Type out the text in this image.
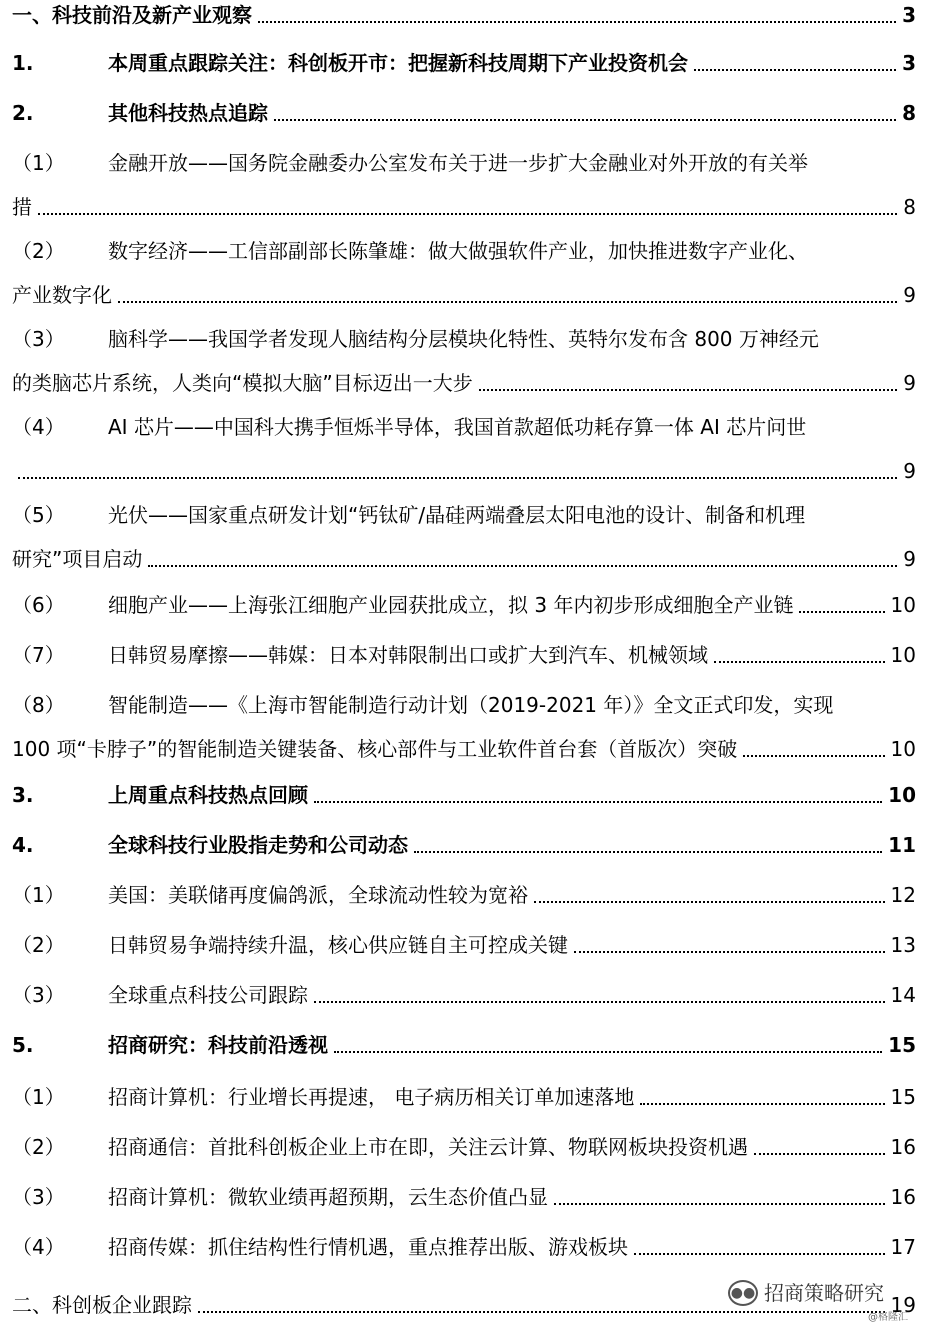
一、科技前沿及新产业观察	3
1.	本周重点跟踪关注：科创板开市：把握新科技周期下产业投资机会	3
2.	其他科技热点追踪	8
（1） 金融开放——国务院金融委办公室发布关于进一步扩大金融业对外开放的有关举
措	8
（2） 数字经济——工信部副部长陈肇雄：做大做强软件产业，加快推进数字产业化、
产业数字化	9
（3） 脑科学——我国学者发现人脑结构分层模块化特性、英特尔发布含 800 万神经元
的类脑芯片系统，人类向“模拟大脑”目标迈出一大步	9
（4） AI 芯片——中国科大携手恒烁半导体，我国首款超低功耗存算一体 AI 芯片问世
9
（5） 光伏——国家重点研发计划“钙钛矿/晶硅两端叠层太阳电池的设计、制备和机理
研究”项目启动	9
（6） 细胞产业——上海张江细胞产业园获批成立，拟 3 年内初步形成细胞全产业链	10
（7） 日韩贸易摩擦——韩媒：日本对韩限制出口或扩大到汽车、机械领域	10
（8） 智能制造——《上海市智能制造行动计划（2019-2021 年）》全文正式印发，实现
100 项“卡脖子”的智能制造关键装备、核心部件与工业软件首台套（首版次）突破	10
3.	上周重点科技热点回顾	10
4.	全球科技行业股指走势和公司动态	11
（1） 美国：美联储再度偏鸽派，全球流动性较为宽裕	12
（2） 日韩贸易争端持续升温，核心供应链自主可控成关键	13
（3） 全球重点科技公司跟踪	14
5.	招商研究：科技前沿透视	15
（1） 招商计算机：行业增长再提速， 电子病历相关订单加速落地	15
（2） 招商通信：首批科创板企业上市在即，关注云计算、物联网板块投资机遇	16
（3） 招商计算机：微软业绩再超预期，云生态价值凸显	16
（4） 招商传媒：抓住结构性行情机遇，重点推荐出版、游戏板块	17
二、科创板企业跟踪	19
●● 招商策略研究
@格隆汇
